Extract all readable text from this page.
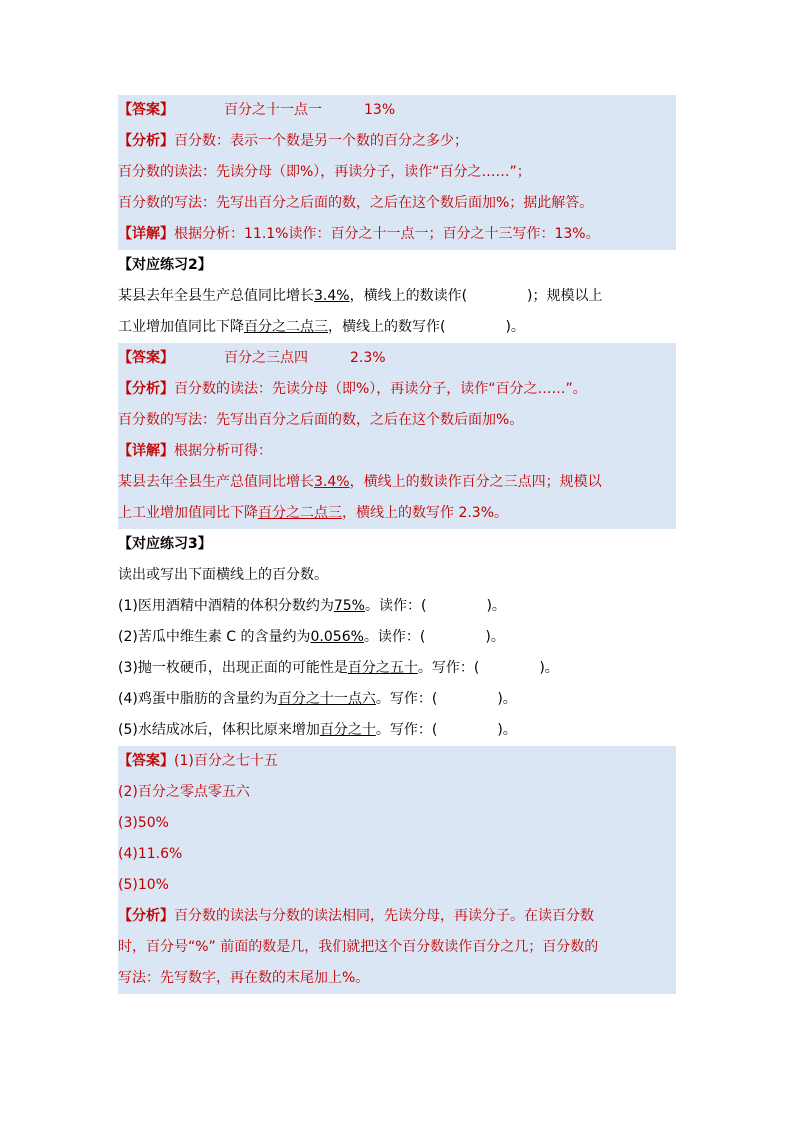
【答案】	百分之十一点一	13%
【分析】百分数：表示一个数是另一个数的百分之多少；
百分数的读法：先读分母（即%），再读分子，读作“百分之……”；
百分数的写法：先写出百分之后面的数，之后在这个数后面加%；据此解答。
【详解】根据分析：11.1%读作：百分之十一点一；百分之十三写作：13%。
【对应练习2】
某县去年全县生产总值同比增长3.4%，横线上的数读作(	)；规模以上
工业增加值同比下降百分之二点三，横线上的数写作(	)。
【答案】	百分之三点四	2.3%
【分析】百分数的读法：先读分母（即%），再读分子，读作“百分之……”。
百分数的写法：先写出百分之后面的数，之后在这个数后面加%。
【详解】根据分析可得：
某县去年全县生产总值同比增长3.4%，横线上的数读作百分之三点四；规模以
上工业增加值同比下降百分之二点三，横线上的数写作 2.3%。
【对应练习3】
读出或写出下面横线上的百分数。
(1)医用酒精中酒精的体积分数约为75%。读作：(	)。
(2)苦瓜中维生素 C 的含量约为0.056%。读作：(	)。
(3)抛一枚硬币，出现正面的可能性是百分之五十。写作：(	)。
(4)鸡蛋中脂肪的含量约为百分之十一点六。写作：(	)。
(5)水结成冰后，体积比原来增加百分之十。写作：(	)。
【答案】(1)百分之七十五
(2)百分之零点零五六
(3)50%
(4)11.6%
(5)10%
【分析】百分数的读法与分数的读法相同，先读分母，再读分子。在读百分数
时，百分号“%” 前面的数是几，我们就把这个百分数读作百分之几；百分数的
写法：先写数字，再在数的末尾加上%。
